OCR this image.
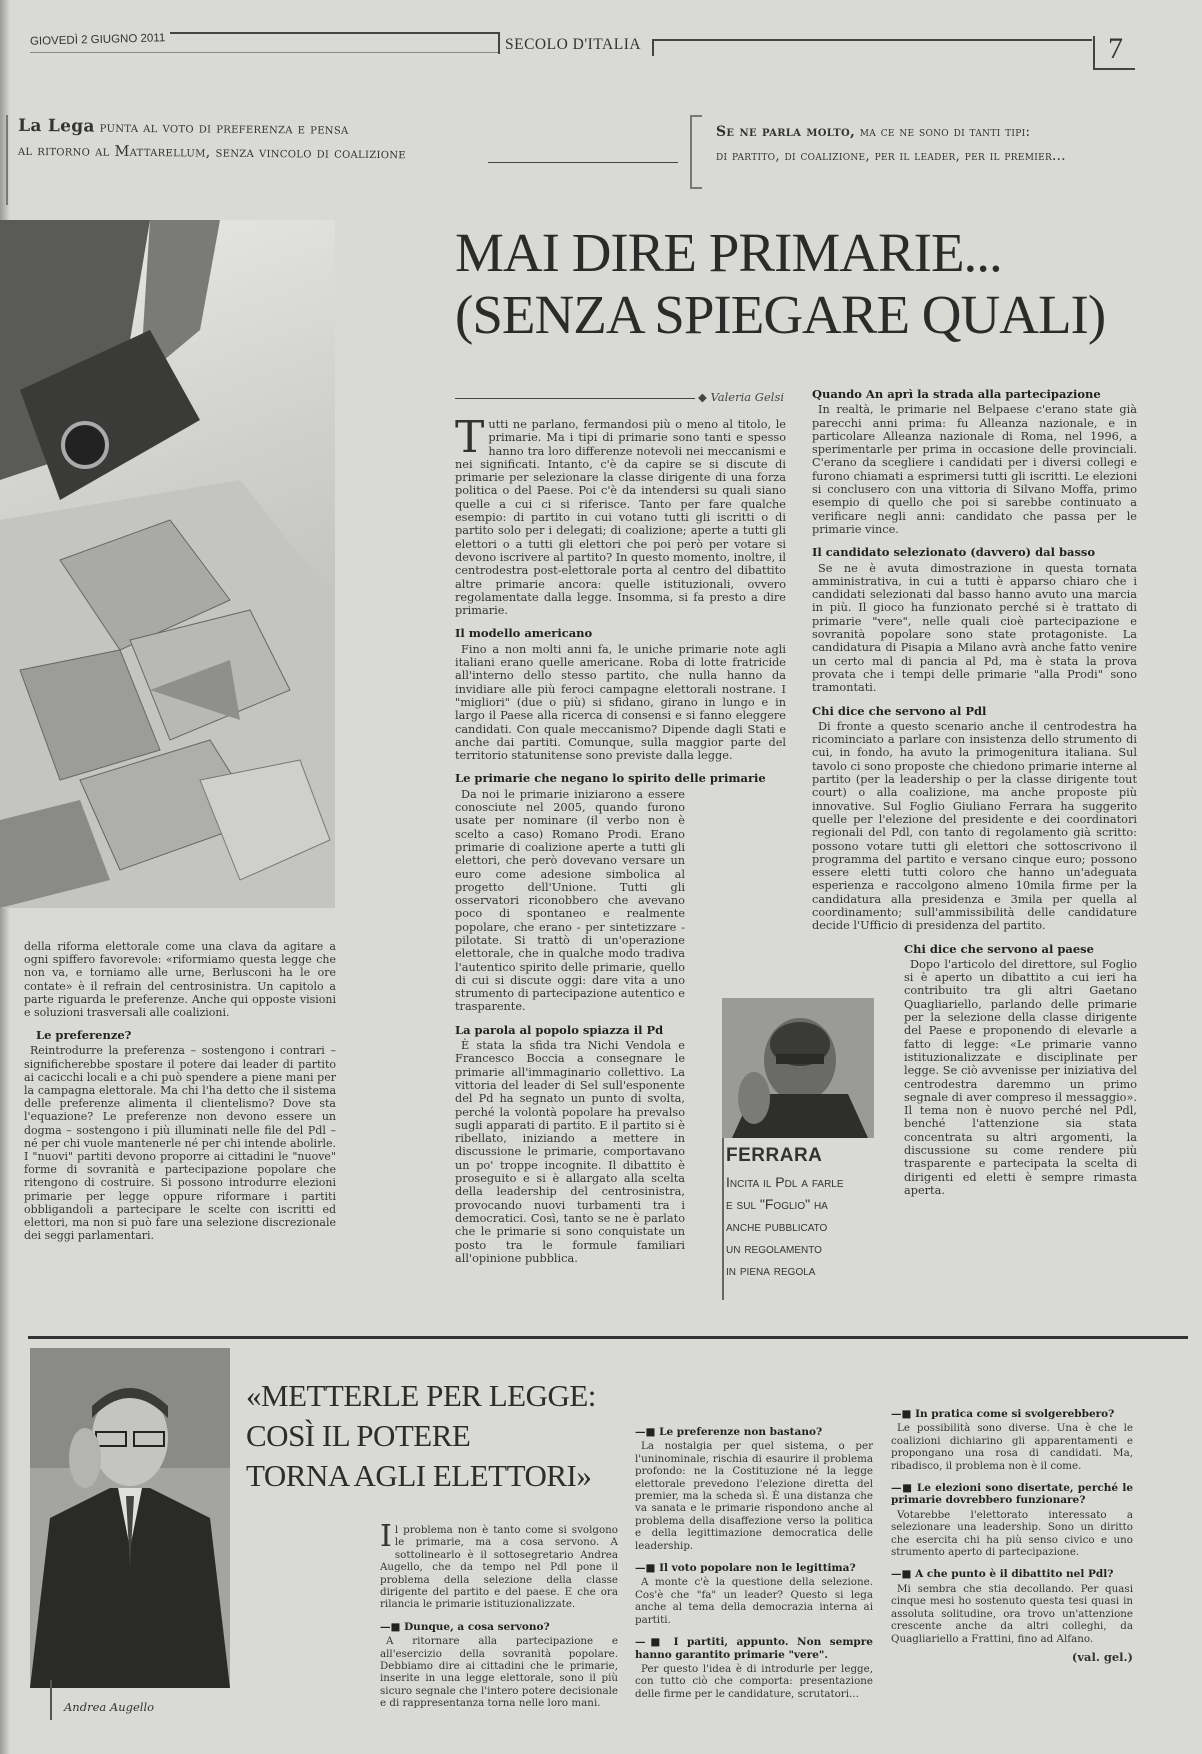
GIOVEDÌ 2 GIUGNO 2011	SECOLO D'ITALIA	7
La Lega punta al voto di preferenza e pensa
al ritorno al Mattarellum, senza vincolo di coalizione
Se ne parla molto, ma ce ne sono di tanti tipi:
di partito, di coalizione, per il leader, per il premier...
MAI DIRE PRIMARIE...
(SENZA SPIEGARE QUALI)
◆ Valeria Gelsi

Tutti ne parlano, fermandosi più o meno al titolo, le primarie. Ma i tipi di primarie sono tanti e spesso hanno tra loro differenze notevoli nei meccanismi e nei significati. Intanto, c'è da capire se si discute di primarie per selezionare la classe dirigente di una forza politica o del Paese. Poi c'è da intendersi su quali siano quelle a cui ci si riferisce. Tanto per fare qualche esempio: di partito in cui votano tutti gli iscritti o di partito solo per i delegati; di coalizione; aperte a tutti gli elettori o a tutti gli elettori che poi però per votare si devono iscrivere al partito? In questo momento, inoltre, il centrodestra post-elettorale porta al centro del dibattito altre primarie ancora: quelle istituzionali, ovvero regolamentate dalla legge. Insomma, si fa presto a dire primarie.

Il modello americano

Fino a non molti anni fa, le uniche primarie note agli italiani erano quelle americane. Roba di lotte fratricide all'interno dello stesso partito, che nulla hanno da invidiare alle più feroci campagne elettorali nostrane. I "migliori" (due o più) si sfidano, girano in lungo e in largo il Paese alla ricerca di consensi e si fanno eleggere candidati. Con quale meccanismo? Dipende dagli Stati e anche dai partiti. Comunque, sulla maggior parte del territorio statunitense sono previste dalla legge.

Le primarie che negano lo spirito delle primarie

Da noi le primarie iniziarono a essere conosciute nel 2005, quando furono usate per nominare (il verbo non è scelto a caso) Romano Prodi. Erano primarie di coalizione aperte a tutti gli elettori, che però dovevano versare un euro come adesione simbolica al progetto dell'Unione. Tutti gli osservatori riconobbero che avevano poco di spontaneo e realmente popolare, che erano - per sintetizzare - pilotate. Si trattò di un'operazione elettorale, che in qualche modo tradiva l'autentico spirito delle primarie, quello di cui si discute oggi: dare vita a uno strumento di partecipazione autentico e trasparente.

La parola al popolo spiazza il Pd

È stata la sfida tra Nichi Vendola e Francesco Boccia a consegnare le primarie all'immaginario collettivo. La vittoria del leader di Sel sull'esponente del Pd ha segnato un punto di svolta, perché la volontà popolare ha prevalso sugli apparati di partito. E il partito si è ribellato, iniziando a mettere in discussione le primarie, comportavano un po' troppe incognite. Il dibattito è proseguito e si è allargato alla scelta della leadership del centrosinistra, provocando nuovi turbamenti tra i democratici. Così, tanto se ne è parlato che le primarie si sono conquistate un posto tra le formule familiari all'opinione pubblica.

Quando An aprì la strada alla partecipazione

In realtà, le primarie nel Belpaese c'erano state già parecchi anni prima: fu Alleanza nazionale, e in particolare Alleanza nazionale di Roma, nel 1996, a sperimentarle per prima in occasione delle provinciali. C'erano da scegliere i candidati per i diversi collegi e furono chiamati a esprimersi tutti gli iscritti. Le elezioni si conclusero con una vittoria di Silvano Moffa, primo esempio di quello che poi si sarebbe continuato a verificare negli anni: candidato che passa per le primarie vince.

Il candidato selezionato (davvero) dal basso

Se ne è avuta dimostrazione in questa tornata amministrativa, in cui a tutti è apparso chiaro che i candidati selezionati dal basso hanno avuto una marcia in più. Il gioco ha funzionato perché si è trattato di primarie "vere", nelle quali cioè partecipazione e sovranità popolare sono state protagoniste. La candidatura di Pisapia a Milano avrà anche fatto venire un certo mal di pancia al Pd, ma è stata la prova provata che i tempi delle primarie "alla Prodi" sono tramontati.

Chi dice che servono al Pdl

Di fronte a questo scenario anche il centrodestra ha ricominciato a parlare con insistenza dello strumento di cui, in fondo, ha avuto la primogenitura italiana. Sul tavolo ci sono proposte che chiedono primarie interne al partito (per la leadership o per la classe dirigente tout court) o alla coalizione, ma anche proposte più innovative. Sul Foglio Giuliano Ferrara ha suggerito quelle per l'elezione del presidente e dei coordinatori regionali del Pdl, con tanto di regolamento già scritto: possono votare tutti gli elettori che sottoscrivono il programma del partito e versano cinque euro; possono essere eletti tutti coloro che hanno un'adeguata esperienza e raccolgono almeno 10mila firme per la candidatura alla presidenza e 3mila per quella al coordinamento; sull'ammissibilità delle candidature decide l'Ufficio di presidenza del partito.

Chi dice che servono al paese

Dopo l'articolo del direttore, sul Foglio si è aperto un dibattito a cui ieri ha contribuito tra gli altri Gaetano Quagliariello, parlando delle primarie per la selezione della classe dirigente del Paese e proponendo di elevarle a fatto di legge: «Le primarie vanno istituzionalizzate e disciplinate per legge. Se ciò avvenisse per iniziativa del centrodestra daremmo un primo segnale di aver compreso il messaggio». Il tema non è nuovo perché nel Pdl, benché l'attenzione sia stata concentrata su altri argomenti, la discussione su come rendere più trasparente e partecipata la scelta di dirigenti ed eletti è sempre rimasta aperta.

FERRARA
Incita il Pdl a farle
e sul "Foglio" ha
anche pubblicato
un regolamento
in piena regola

della riforma elettorale come una clava da agitare a ogni spiffero favorevole: «riformiamo questa legge che non va, e torniamo alle urne, Berlusconi ha le ore contate» è il refrain del centrosinistra. Un capitolo a parte riguarda le preferenze. Anche qui opposte visioni e soluzioni trasversali alle coalizioni.

Le preferenze?

Reintrodurre la preferenza – sostengono i contrari – significherebbe spostare il potere dai leader di partito ai cacicchi locali e a chi può spendere a piene mani per la campagna elettorale. Ma chi l'ha detto che il sistema delle preferenze alimenta il clientelismo? Dove sta l'equazione? Le preferenze non devono essere un dogma – sostengono i più illuminati nelle file del Pdl – né per chi vuole mantenerle né per chi intende abolirle. I "nuovi" partiti devono proporre ai cittadini le "nuove" forme di sovranità e partecipazione popolare che ritengono di costruire. Si possono introdurre elezioni primarie per legge oppure riformare i partiti obbligandoli a partecipare le scelte con iscritti ed elettori, ma non si può fare una selezione discrezionale dei seggi parlamentari.

Andrea Augello
«METTERLE PER LEGGE:
COSÌ IL POTERE
TORNA AGLI ELETTORI»

Il problema non è tanto come si svolgono le primarie, ma a cosa servono. A sottolinearlo è il sottosegretario Andrea Augello, che da tempo nel Pdl pone il problema della selezione della classe dirigente del partito e del paese. E che ora rilancia le primarie istituzionalizzate.

—■ Dunque, a cosa servono?

A ritornare alla partecipazione e all'esercizio della sovranità popolare. Debbiamo dire ai cittadini che le primarie, inserite in una legge elettorale, sono il più sicuro segnale che l'intero potere decisionale e di rappresentanza torna nelle loro mani.

—■ Le preferenze non bastano?

La nostalgia per quel sistema, o per l'uninominale, rischia di esaurire il problema profondo: ne la Costituzione né la legge elettorale prevedono l'elezione diretta del premier, ma la scheda sì. È una distanza che va sanata e le primarie rispondono anche al problema della disaffezione verso la politica e della legittimazione democratica delle leadership.

—■ Il voto popolare non le legittima?

A monte c'è la questione della selezione. Cos'è che "fa" un leader? Questo si lega anche al tema della democrazia interna ai partiti.

—■ I partiti, appunto. Non sempre hanno garantito primarie "vere".

Per questo l'idea è di introdurle per legge, con tutto ciò che comporta: presentazione delle firme per le candidature, scrutatori...

—■ In pratica come si svolgerebbero?

Le possibilità sono diverse. Una è che le coalizioni dichiarino gli apparentamenti e propongano una rosa di candidati. Ma, ribadisco, il problema non è il come.

—■ Le elezioni sono disertate, perché le primarie dovrebbero funzionare?

Votarebbe l'elettorato interessato a selezionare una leadership. Sono un diritto che esercita chi ha più senso civico e uno strumento aperto di partecipazione.

—■ A che punto è il dibattito nel Pdl?

Mi sembra che stia decollando. Per quasi cinque mesi ho sostenuto questa tesi quasi in assoluta solitudine, ora trovo un'attenzione crescente anche da altri colleghi, da Quagliariello a Frattini, fino ad Alfano.

(val. gel.)
